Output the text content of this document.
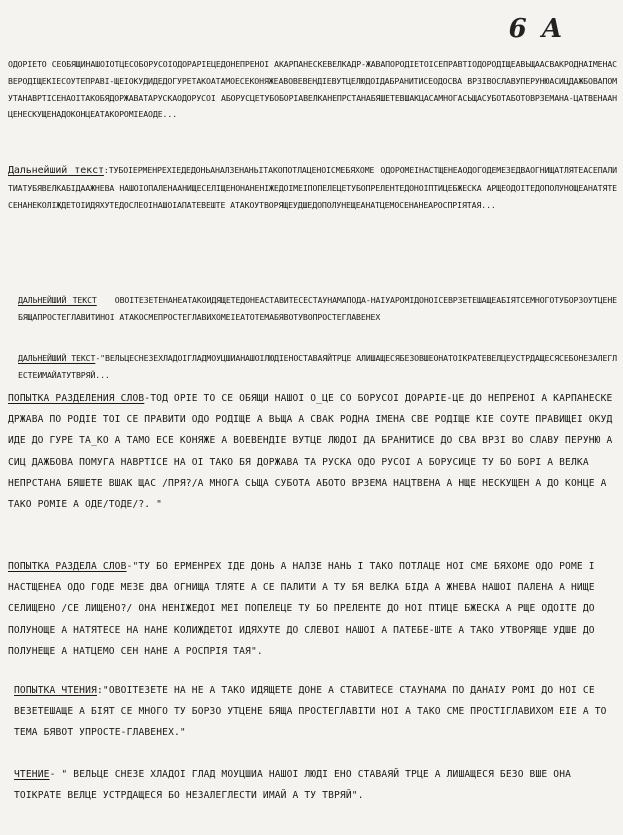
6 A
ОДОРІЕТО СЕОБЯЩИНАШОІОТЦЕСОБОРУСОІОДОРАРІЕЦЕДОНЕПРЕНОІ АКАРПАНЕСКЕВЕЛКАДР-ЖАВАПОРОДІЕТОІСЕПРАВТІОДОРОДІЩЕАВЬЩААСВАКРОДНАІМЕНАСВЕРОДІЩЕКІЕСОУТЕПРАВІ-ЩЕІОКУДИДЕДОГУРЕТАКОАТАМОЕСЕКОНЯЖЕАВОВЕВЕНДІЕВУТЦЕЛЮДОІДАБРАНИТИСЕОДОСВА ВРЗІВОСЛАВУПЕРУНЮАСИЦДАЖБОВАПОМУТАНАВРТІСЕНАОІТАКОБЯДОРЖАВАТАРУСКАОДОРУСОІ АБОРУСЦЕТУБОБОРІАВЕЛКАНЕПРСТАНАБЯШЕТЕВШАКЦАСАМНОГАСЬЩАСУБОТАБОТОВРЗЕМАНА-ЦАТВЕНААНЦЕНЕСКУЩЕНАДОКОНЦЕАТАКОРОМІЕАОДЕ...
Дальнейший текст:ТУБОІЕРМЕНРЕХІЕДЕДОНЬАНАЛЗЕНАНЬІТАКОПОТЛАЦЕНОІСМЕБЯХОМЕ ОДОРОМЕІНАСТЩЕНЕАОДОГОДЕМЕЗЕДВАОГНИЩАТЛЯТЕАСЕПАЛИТИАТУБЯВЕЛКАБІДААЖНЕВА НАШОІОПАЛЕНААНИЩЕСЕЛІЩЕНОНАНЕНІЖЕДОІМЕІПОПЕЛЕЦЕТУБОПРЕЛЕНТЕДОНОІПТИЦЕБЖЕСКА АРЩЕОДОІТЕДОПОЛУНОЩЕАНАТЯТЕСЕНАНЕКОЛІЖДЕТОІИДЯХУТЕДОСЛЕОІНАШОІАПАТЕВЕШТЕ АТАКОУТВОРЯЩЕУДШЕДОПОЛУНЕЩЕАНАТЦЕМОСЕНАНЕАРОСПРІЯТАЯ...
ДАЛЬНЕЙШИЙ ТЕКСТ ОВОІТЕЗЕТЕНАНЕАТАКОИДЯЩЕТЕДОНЕАСТАВИТЕСЕСТАУНАМАПОДА-НАІУАРОМІДОНОІСЕВРЗЕТЕШАЩЕАБІЯТСЕМНОГОТУБОРЗОУТЦЕНЕБЯЩАПРОСТЕГЛАВИТИНОІ АТАКОСМЕПРОСТЕГЛАВИХОМЕІЕАТОТЕМАБЯВОТУВОПРОСТЕГЛАВЕНЕХ
ДАЛЬНЕЙШИЙ ТЕКСТ-"ВЕЛЬЦЕСНЕЗЕХЛАДОІГЛАДМОУЦШИАНАШОІЛЮДІЕНОСТАВАЯЙТРЦЕ АЛИШАЩЕСЯБЕЗОВШЕОНАТОІКРАТЕВЕЛЦЕУСТРДАЩЕСЯСЕБОНЕЗАЛЕГЛЕСТЕИМАЙАТУТВРЯЙ...
ПОПЫТКА РАЗДЕЛЕНИЯ СЛОВ-ТОД ОРІЕ ТО СЕ ОБЯЩИ НАШОІ О_ЦЕ СО БОРУСОІ ДОРАРІЕ-ЦЕ ДО НЕПРЕНОІ А КАРПАНЕСКЕ ДРЖАВА ПО РОДІЕ ТОІ СЕ ПРАВИТИ ОДО РОДІЩЕ А ВЬЩА А СВАК РОДНА ІМЕНА СВЕ РОДІЩЕ КІЕ СОУТЕ ПРАВИЩЕІ ОКУД ИДЕ ДО ГУРЕ ТА_КО А ТАМО ЕСЕ КОНЯЖЕ А ВОЕВЕНДІЕ ВУТЦЕ ЛЮДОІ ДА БРАНИТИСЕ ДО СВА ВРЗІ ВО СЛАВУ ПЕРУНЮ А СИЦ ДАЖБОВА ПОМУГА НАВРТІСЕ НА ОІ ТАКО БЯ ДОРЖАВА ТА РУСКА ОДО РУСОІ А БОРУСИЦЕ ТУ БО БОРІ А ВЕЛКА НЕПРСТАНА БЯШЕТЕ ВШАК ЩАС /ПРЯ?/А МНОГА СЬЩА СУБОТА АБОТО ВРЗЕМА НАЦТВЕНА А НЩЕ НЕСКУЩЕН А ДО КОНЦЕ А ТАКО РОМІЕ А ОДЕ/ТОДЕ/?. "
ПОПЫТКА РАЗДЕЛА СЛОВ-"ТУ БО ЕРМЕНРЕХ ІДЕ ДОНЬ А НАЛЗЕ НАНЬ І ТАКО ПОТЛАЦЕ НОІ СМЕ БЯХОМЕ ОДО РОМЕ І НАСТЩЕНЕА ОДО ГОДЕ МЕЗЕ ДВА ОГНИЩА ТЛЯТЕ А СЕ ПАЛИТИ А ТУ БЯ ВЕЛКА БІДА А ЖНЕВА НАШОІ ПАЛЕНА А НИЩЕ СЕЛИЩЕНО /СЕ ЛИЩЕНО?/ ОНА НЕНІЖЕДОІ МЕІ ПОПЕЛЕЦЕ ТУ БО ПРЕЛЕНТЕ ДО НОІ ПТИЦЕ БЖЕСКА А РЩЕ ОДОІТЕ ДО ПОЛУНОЩЕ А НАТЯТЕСЕ НА НАНЕ КОЛИЖДЕТОІ ИДЯХУТЕ ДО СЛЕВОІ НАШОІ А ПАТЕБЕ-ШТЕ А ТАКО УТВОРЯЩЕ УДШЕ ДО ПОЛУНЕЩЕ А НАТЦЕМО СЕН НАНЕ А РОСПРІЯ ТАЯ".
ПОПЫТКА ЧТЕНИЯ:"ОВОІТЕЗЕТЕ НА НЕ А ТАКО ИДЯЩЕТЕ ДОНЕ А СТАВИТЕСЕ СТАУНАМА ПО ДАНАІУ РОМІ ДО НОІ СЕ ВЕЗЕТЕШАЩЕ А БІЯТ СЕ МНОГО ТУ БОРЗО УТЦЕНЕ БЯЩА ПРОСТЕГЛАВІТИ НОІ А ТАКО СМЕ ПРОСТІГЛАВИХОМ ЕІЕ А ТО ТЕМА БЯВОТ УПРОСТЕ-ГЛАВЕНЕХ."
ЧТЕНИЕ- " ВЕЛЬЦЕ СНЕЗЕ ХЛАДОІ ГЛАД МОУЦШИА НАШОІ ЛЮДІ ЕНО СТАВАЯЙ ТРЦЕ А ЛИШАЩЕСЯ БЕЗО ВШЕ ОНА ТОІКРАТЕ ВЕЛЦЕ УСТРДАЩЕСЯ БО НЕЗАЛЕГЛЕСТИ ИМАЙ А ТУ ТВРЯЙ".
